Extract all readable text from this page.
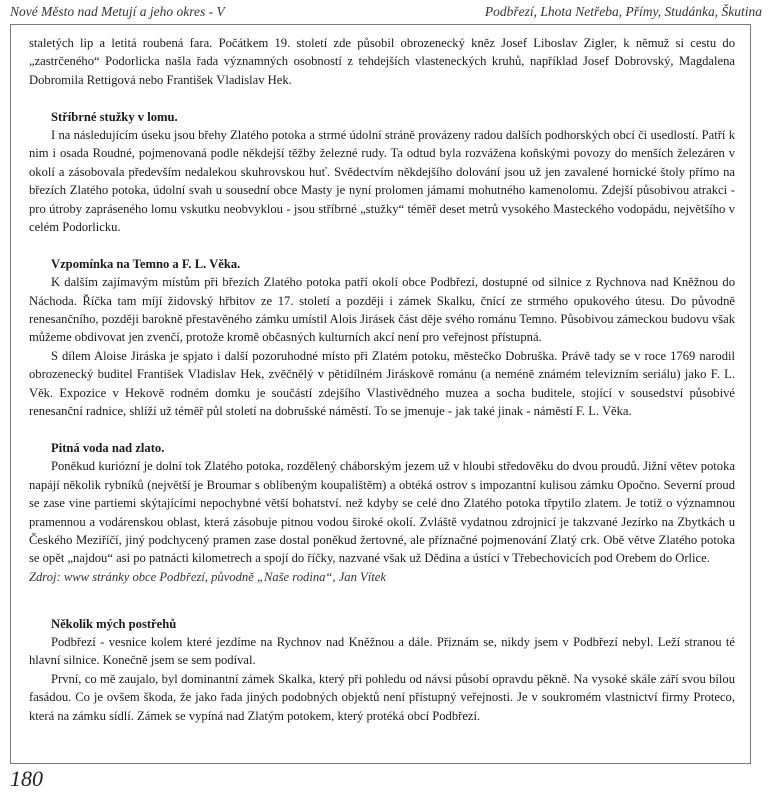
Nové Město nad Metují a jeho okres - V	Podbřezí, Lhota Netřeba, Přímy, Studánka, Škutina

staletých lip a letitá roubená fara. Počátkem 19. století zde působil obrozenecký kněz Josef Liboslav Zigler, k němuž si cestu do „zastrčeného“ Podorlicka našla řada významných osobností z tehdejších vlasteneckých kruhů, například Josef Dobrovský, Magdalena Dobromila Rettigová nebo František Vladislav Hek.

Stříbrné stužky v lomu.

I na následujícím úseku jsou břehy Zlatého potoka a strmé údolní stráně provázeny radou dalších podhorských obcí či usedlostí. Patří k nim i osada Roudné, pojmenovaná podle někdejší těžby železné rudy. Ta odtud byla rozvážena koňskými povozy do menších železáren v okolí a zásobovala především nedalekou skuhrovskou huť. Svědectvím někdejšího dolování jsou už jen zavalené hornické štoly přímo na březích Zlatého potoka, údolní svah u sousední obce Masty je nyní prolomen jámami mohutného kamenolomu. Zdejší působivou atrakci - pro útroby zapráseného lomu vskutku neobvyklou - jsou stříbrné „stužky“ téměř deset metrů vysokého Masteckého vodopádu, největšího v celém Podorlicku.

Vzpomínka na Temno a F. L. Věka.

K dalším zajímavým místům při březích Zlatého potoka patří okolí obce Podbřezí, dostupné od silnice z Rychnova nad Kněžnou do Náchoda. Říčka tam míjí židovský hřbitov ze 17. století a později i zámek Skalku, čnící ze strmého opukového útesu. Do původně renesančního, později barokně přestavěného zámku umístil Alois Jirásek část děje svého románu Temno. Působivou zámeckou budovu však můžeme obdivovat jen zvenčí, protože kromě občasných kulturních akcí není pro veřejnost přístupná.

S dílem Aloise Jiráska je spjato i další pozoruhodné místo při Zlatém potoku, městečko Dobruška. Právě tady se v roce 1769 narodil obrozenecký buditel František Vladislav Hek, zvěčnělý v pětidílném Jiráskově románu (a neméně známém televizním seriálu) jako F. L. Věk. Expozice v Hekově rodném domku je součástí zdejšího Vlastivědného muzea a socha buditele, stojící v sousedství působivé renesanční radnice, shlíží už téměř půl století na dobrušské náměstí. To se jmenuje - jak také jinak - náměstí F. L. Věka.

Pitná voda nad zlato.

Poněkud kuriózní je dolní tok Zlatého potoka, rozdělený cháborským jezem už v hloubi středověku do dvou proudů. Jižní větev potoka napájí několik rybníků (největší je Broumar s oblíbeným koupalištěm) a obtéká ostrov s impozantní kulisou zámku Opočno. Severní proud se zase vine partiemi skýtajícími nepochybné větší bohatství. než kdyby se celé dno Zlatého potoka třpytilo zlatem. Je totiž o významnou pramennou a vodárenskou oblast, která zásobuje pitnou vodou široké okolí. Zvláště vydatnou zdrojnicí je takzvané Jezírko na Zbytkách u Českého Meziříčí, jiný podchycený pramen zase dostal poněkud žertovné, ale příznačné pojmenování Zlatý crk. Obě větve Zlatého potoka se opět „najdou“ asi po patnácti kilometrech a spojí do říčky, nazvané však už Dědina a ústící v Třebechovicích pod Orebem do Orlice.

Zdroj: www stránky obce Podbřezí, původně „Naše rodina“, Jan Vítek

Několik mých postřehů

Podbřezí - vesnice kolem které jezdíme na Rychnov nad Kněžnou a dále. Přiznám se, nikdy jsem v Podbřezí nebyl. Leží stranou té hlavní silnice. Konečně jsem se sem podíval.

První, co mě zaujalo, byl dominantní zámek Skalka, který při pohledu od návsi působí opravdu pěkně. Na vysoké skále září svou bílou fasádou. Co je ovšem škoda, že jako řada jiných podobných objektů není přístupný veřejnosti. Je v soukromém vlastnictví firmy Proteco, která na zámku sídlí. Zámek se vypíná nad Zlatým potokem, který protéká obcí Podbřezí.

180
